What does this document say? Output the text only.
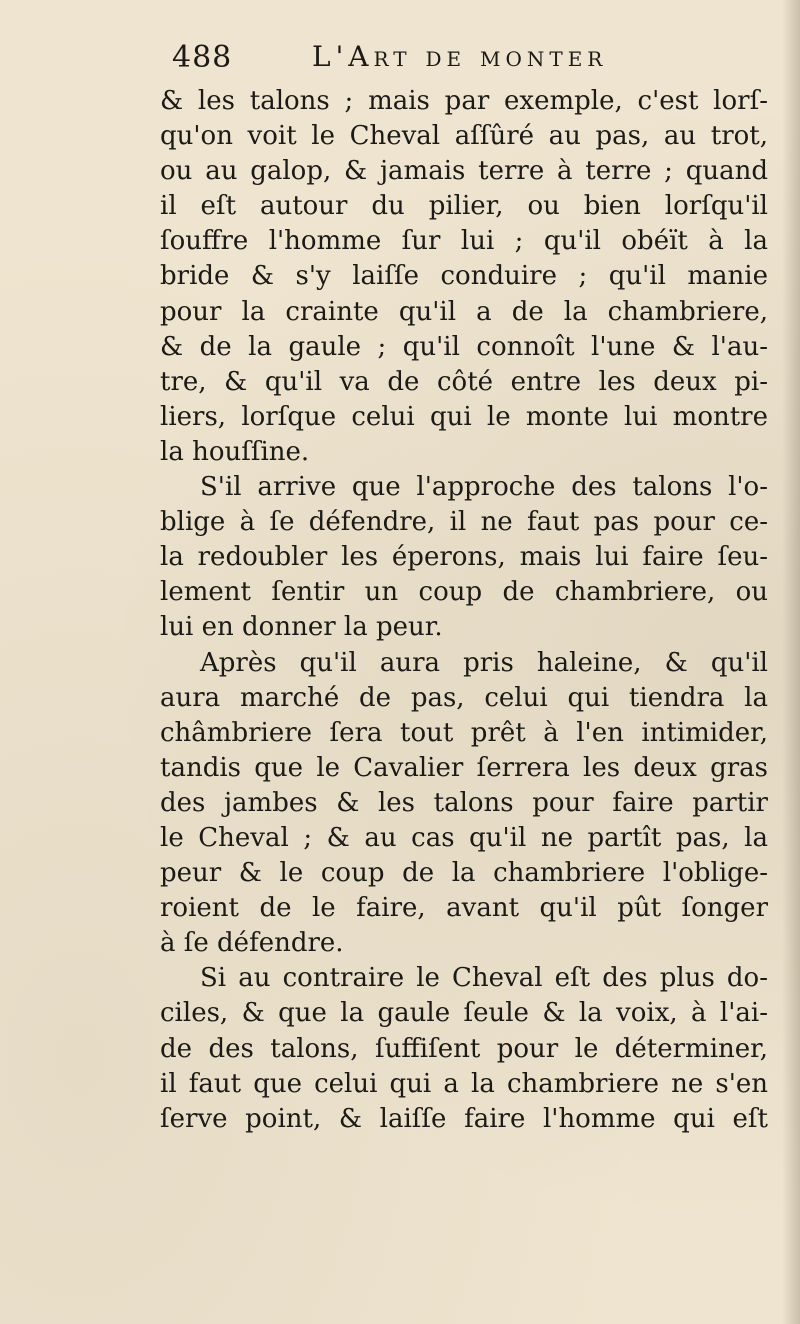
488	L'Art de monter
& les talons ; mais par exemple, c'est lorſ-
qu'on voit le Cheval aſſûré au pas, au trot,
ou au galop, & jamais terre à terre ; quand
il eſt autour du pilier, ou bien lorſqu'il
ſouffre l'homme ſur lui ; qu'il obéït à la
bride & s'y laiſſe conduire ; qu'il manie
pour la crainte qu'il a de la chambriere,
& de la gaule ; qu'il connoît l'une & l'au-
tre, & qu'il va de côté entre les deux pi-
liers, lorſque celui qui le monte lui montre
la houſſine.
S'il arrive que l'approche des talons l'o-
blige à ſe défendre, il ne faut pas pour ce-
la redoubler les éperons, mais lui faire ſeu-
lement ſentir un coup de chambriere, ou
lui en donner la peur.
Après qu'il aura pris haleine, & qu'il
aura marché de pas, celui qui tiendra la
châmbriere ſera tout prêt à l'en intimider,
tandis que le Cavalier ſerrera les deux gras
des jambes & les talons pour faire partir
le Cheval ; & au cas qu'il ne partît pas, la
peur & le coup de la chambriere l'oblige-
roient de le faire, avant qu'il pût ſonger
à ſe défendre.
Si au contraire le Cheval eſt des plus do-
ciles, & que la gaule ſeule & la voix, à l'ai-
de des talons, ſuffiſent pour le déterminer,
il faut que celui qui a la chambriere ne s'en
ſerve point, & laiſſe faire l'homme qui eſt
